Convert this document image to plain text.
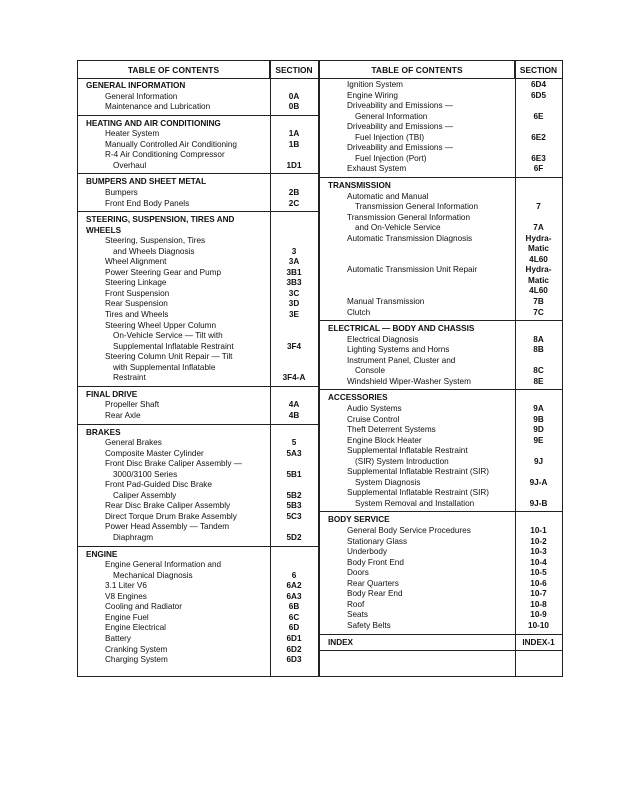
TABLE OF CONTENTS	SECTION
GENERAL INFORMATION
General Information	0A
Maintenance and Lubrication	0B
HEATING AND AIR CONDITIONING
Heater System	1A
Manually Controlled Air Conditioning	1B
R-4 Air Conditioning Compressor
Overhaul	1D1
BUMPERS AND SHEET METAL
Bumpers	2B
Front End Body Panels	2C
STEERING, SUSPENSION, TIRES AND
WHEELS
Steering, Suspension, Tires
and Wheels Diagnosis	3
Wheel Alignment	3A
Power Steering Gear and Pump	3B1
Steering Linkage	3B3
Front Suspension	3C
Rear Suspension	3D
Tires and Wheels	3E
Steering Wheel Upper Column
On-Vehicle Service — Tilt with
Supplemental Inflatable Restraint	3F4
Steering Column Unit Repair — Tilt
with Supplemental Inflatable
Restraint	3F4-A
FINAL DRIVE
Propeller Shaft	4A
Rear Axle	4B
BRAKES
General Brakes	5
Composite Master Cylinder	5A3
Front Disc Brake Caliper Assembly —
3000/3100 Series	5B1
Front Pad-Guided Disc Brake
Caliper Assembly	5B2
Rear Disc Brake Caliper Assembly	5B3
Direct Torque Drum Brake Assembly	5C3
Power Head Assembly — Tandem
Diaphragm	5D2
ENGINE
Engine General Information and
Mechanical Diagnosis	6
3.1 Liter V6	6A2
V8 Engines	6A3
Cooling and Radiator	6B
Engine Fuel	6C
Engine Electrical	6D
Battery	6D1
Cranking System	6D2
Charging System	6D3
TABLE OF CONTENTS	SECTION
Ignition System	6D4
Engine Wiring	6D5
Driveability and Emissions —
General Information	6E
Driveability and Emissions —
Fuel Injection (TBI)	6E2
Driveability and Emissions —
Fuel Injection (Port)	6E3
Exhaust System	6F
TRANSMISSION
Automatic and Manual
Transmission General Information	7
Transmission General Information
and On-Vehicle Service	7A
Automatic Transmission Diagnosis	Hydra-
Matic
4L60
Automatic Transmission Unit Repair	Hydra-
Matic
4L60
Manual Transmission	7B
Clutch	7C
ELECTRICAL — BODY AND CHASSIS
Electrical Diagnosis	8A
Lighting Systems and Horns	8B
Instrument Panel, Cluster and
Console	8C
Windshield Wiper-Washer System	8E
ACCESSORIES
Audio Systems	9A
Cruise Control	9B
Theft Deterrent Systems	9D
Engine Block Heater	9E
Supplemental Inflatable Restraint
(SIR) System Introduction	9J
Supplemental Inflatable Restraint (SIR)
System Diagnosis	9J-A
Supplemental Inflatable Restraint (SIR)
System Removal and Installation	9J-B
BODY SERVICE
General Body Service Procedures	10-1
Stationary Glass	10-2
Underbody	10-3
Body Front End	10-4
Doors	10-5
Rear Quarters	10-6
Body Rear End	10-7
Roof	10-8
Seats	10-9
Safety Belts	10-10
INDEX	INDEX-1
